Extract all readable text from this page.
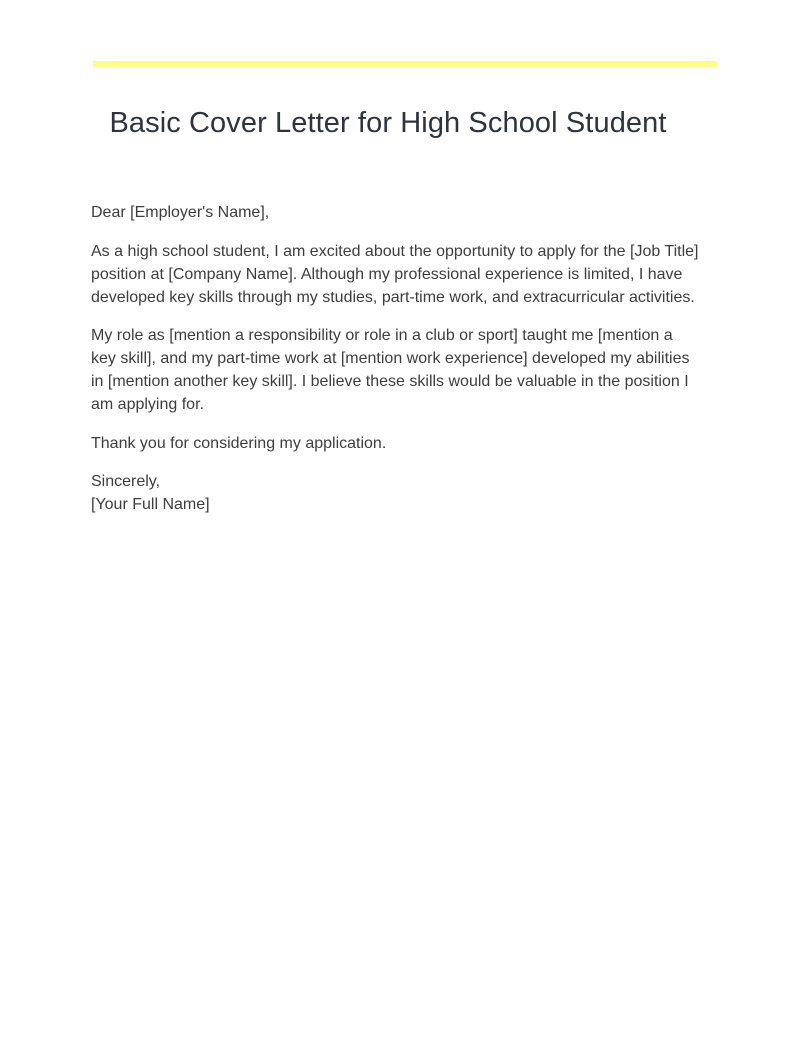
Basic Cover Letter for High School Student

Dear [Employer's Name],

As a high school student, I am excited about the opportunity to apply for the [Job Title] position at [Company Name]. Although my professional experience is limited, I have developed key skills through my studies, part-time work, and extracurricular activities.

My role as [mention a responsibility or role in a club or sport] taught me [mention a key skill], and my part-time work at [mention work experience] developed my abilities in [mention another key skill]. I believe these skills would be valuable in the position I am applying for.

Thank you for considering my application.

Sincerely,
[Your Full Name]
